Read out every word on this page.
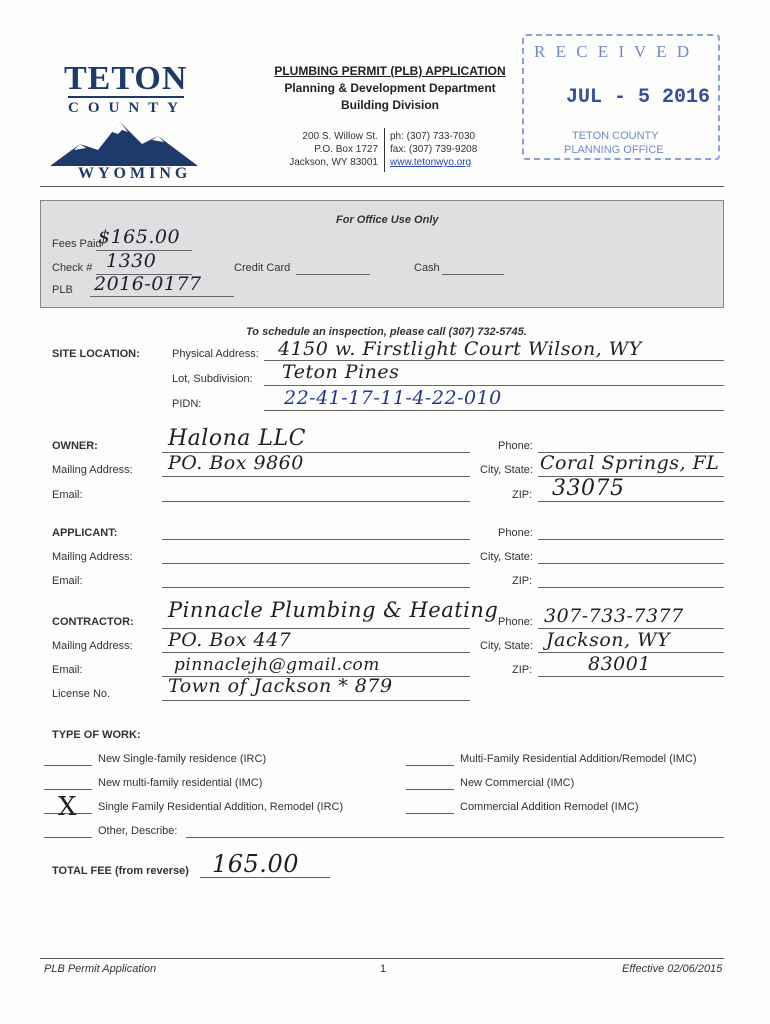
TETON
COUNTY
WYOMING
PLUMBING PERMIT (PLB) APPLICATION
Planning & Development Department
Building Division
200 S. Willow St.
P.O. Box 1727
Jackson, WY 83001
ph: (307) 733-7030
fax: (307) 739-9208
www.tetonwyo.org
R E C E I V E D
JUL - 5 2016
TETON COUNTY
PLANNING OFFICE
For Office Use Only
Fees Paid
$165.00
Check # 1330	Credit Card	Cash
PLB 2016-0177
To schedule an inspection, please call (307) 732-5745.
SITE LOCATION:	Physical Address: 4150 w. Firstlight Court Wilson, WY
Lot, Subdivision: Teton Pines
PIDN:	22-41-17-11-4-22-010
OWNER:	Halona LLC
Mailing Address: PO. Box 9860
Email:
Phone:
City, State: Coral Springs, FL
ZIP: 33075
APPLICANT:
Mailing Address:
Email:
Phone:
City, State:
ZIP:
CONTRACTOR: Pinnacle Plumbing & Heating
Mailing Address: PO. Box 447
Email:	pinnaclejh@gmail.com
License No.	Town of Jackson * 879
Phone: 307-733-7377
City, State: Jackson, WY
ZIP:	83001
TYPE OF WORK:
New Single-family residence (IRC)
New multi-family residential (IMC)
X Single Family Residential Addition, Remodel (IRC)
Other, Describe:
Multi-Family Residential Addition/Remodel (IMC)
New Commercial (IMC)
Commercial Addition Remodel (IMC)
TOTAL FEE (from reverse) 165.00
PLB Permit Application	1	Effective 02/06/2015
